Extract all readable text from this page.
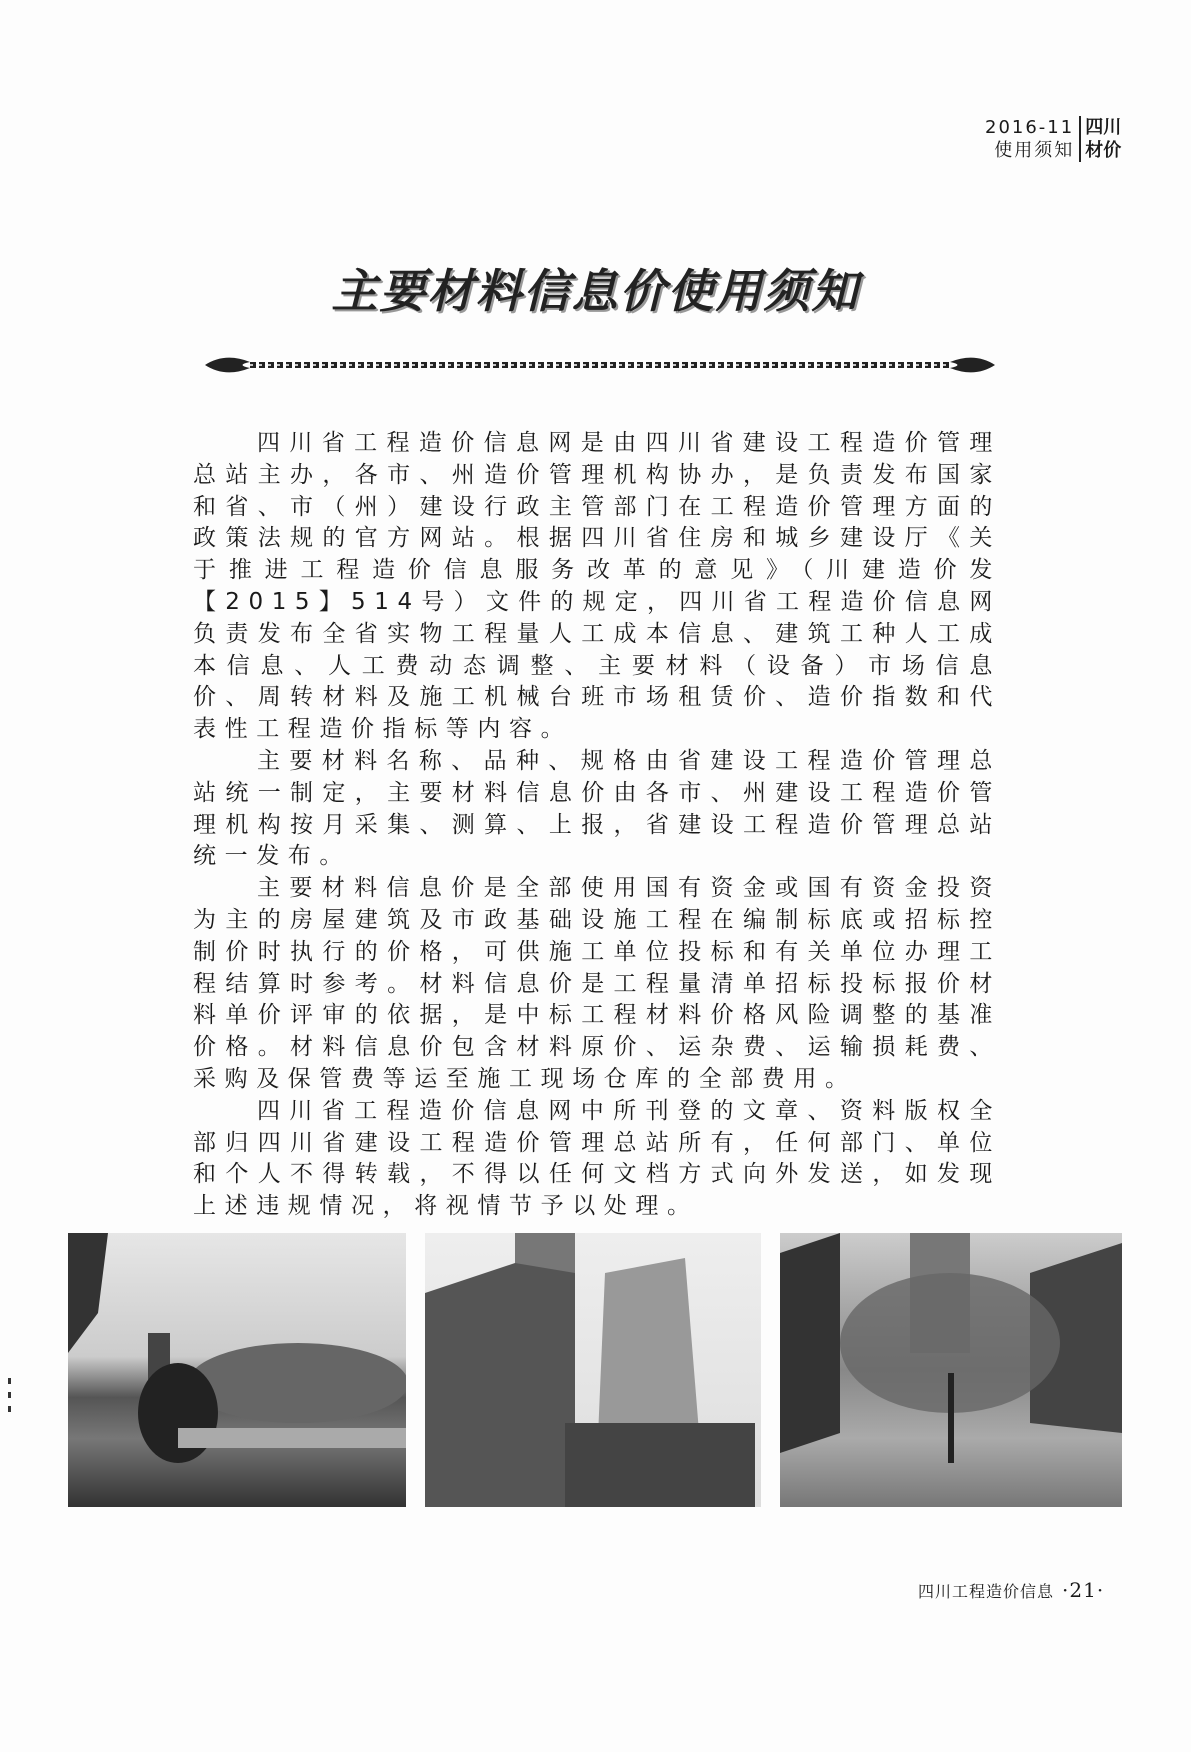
2016-11
使用须知
四川
材价
主要材料信息价使用须知

四川省工程造价信息网是由四川省建设工程造价管理总站主办，各市、州造价管理机构协办，是负责发布国家和省、市（州）建设行政主管部门在工程造价管理方面的政策法规的官方网站。根据四川省住房和城乡建设厅《关于推进工程造价信息服务改革的意见》（川建造价发【2015】514号）文件的规定，四川省工程造价信息网负责发布全省实物工程量人工成本信息、建筑工种人工成本信息、人工费动态调整、主要材料（设备）市场信息价、周转材料及施工机械台班市场租赁价、造价指数和代表性工程造价指标等内容。

主要材料名称、品种、规格由省建设工程造价管理总站统一制定，主要材料信息价由各市、州建设工程造价管理机构按月采集、测算、上报，省建设工程造价管理总站统一发布。

主要材料信息价是全部使用国有资金或国有资金投资为主的房屋建筑及市政基础设施工程在编制标底或招标控制价时执行的价格，可供施工单位投标和有关单位办理工程结算时参考。材料信息价是工程量清单招标投标报价材料单价评审的依据，是中标工程材料价格风险调整的基准价格。材料信息价包含材料原价、运杂费、运输损耗费、采购及保管费等运至施工现场仓库的全部费用。

四川省工程造价信息网中所刊登的文章、资料版权全部归四川省建设工程造价管理总站所有，任何部门、单位和个人不得转载，不得以任何文档方式向外发送，如发现上述违规情况，将视情节予以处理。

四川工程造价信息 ·21·
